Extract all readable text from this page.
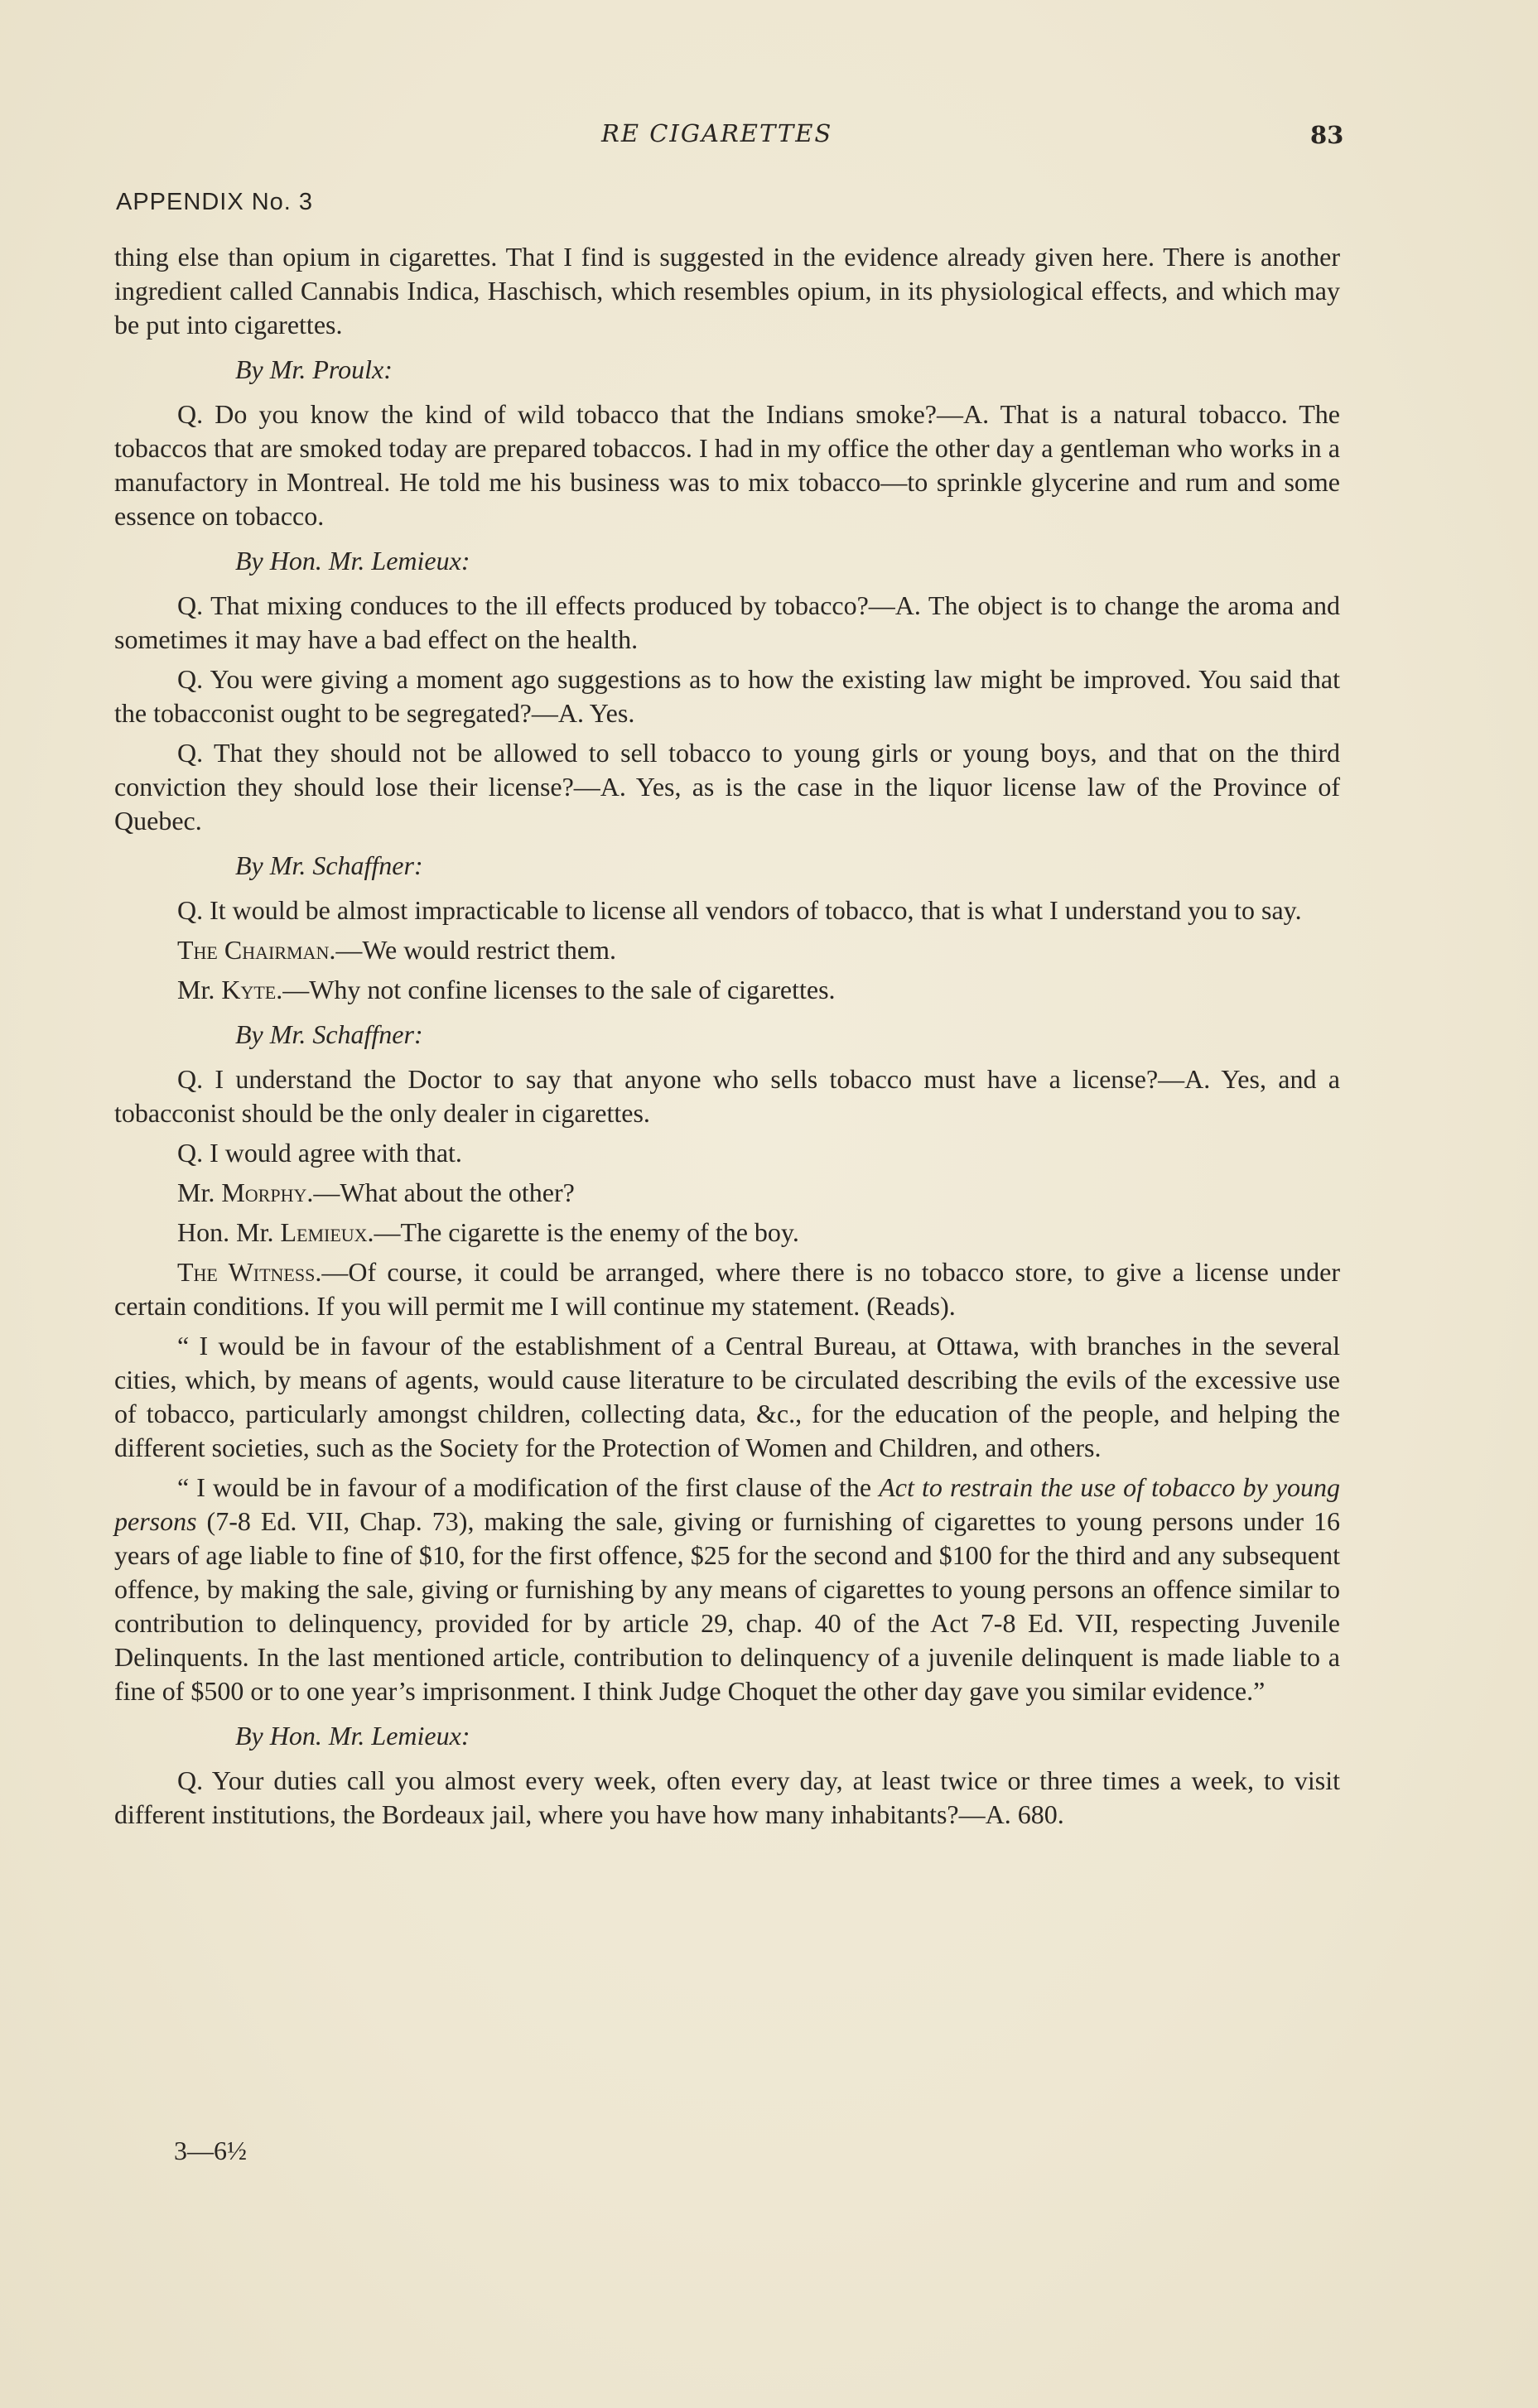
RE CIGARETTES	83
APPENDIX No. 3

thing else than opium in cigarettes. That I find is suggested in the evidence already given here. There is another ingredient called Cannabis Indica, Haschisch, which resembles opium, in its physiological effects, and which may be put into cigarettes.

By Mr. Proulx:

Q. Do you know the kind of wild tobacco that the Indians smoke?—A. That is a natural tobacco. The tobaccos that are smoked today are prepared tobaccos. I had in my office the other day a gentleman who works in a manufactory in Montreal. He told me his business was to mix tobacco—to sprinkle glycerine and rum and some essence on tobacco.

By Hon. Mr. Lemieux:

Q. That mixing conduces to the ill effects produced by tobacco?—A. The object is to change the aroma and sometimes it may have a bad effect on the health.

Q. You were giving a moment ago suggestions as to how the existing law might be improved. You said that the tobacconist ought to be segregated?—A. Yes.

Q. That they should not be allowed to sell tobacco to young girls or young boys, and that on the third conviction they should lose their license?—A. Yes, as is the case in the liquor license law of the Province of Quebec.

By Mr. Schaffner:

Q. It would be almost impracticable to license all vendors of tobacco, that is what I understand you to say.

The Chairman.—We would restrict them.

Mr. Kyte.—Why not confine licenses to the sale of cigarettes.

By Mr. Schaffner:

Q. I understand the Doctor to say that anyone who sells tobacco must have a license?—A. Yes, and a tobacconist should be the only dealer in cigarettes.

Q. I would agree with that.

Mr. Morphy.—What about the other?

Hon. Mr. Lemieux.—The cigarette is the enemy of the boy.

The Witness.—Of course, it could be arranged, where there is no tobacco store, to give a license under certain conditions. If you will permit me I will continue my statement. (Reads).

“ I would be in favour of the establishment of a Central Bureau, at Ottawa, with branches in the several cities, which, by means of agents, would cause literature to be circulated describing the evils of the excessive use of tobacco, particularly amongst children, collecting data, &c., for the education of the people, and helping the different societies, such as the Society for the Protection of Women and Children, and others.

“ I would be in favour of a modification of the first clause of the Act to restrain the use of tobacco by young persons (7-8 Ed. VII, Chap. 73), making the sale, giving or furnishing of cigarettes to young persons under 16 years of age liable to fine of $10, for the first offence, $25 for the second and $100 for the third and any subsequent offence, by making the sale, giving or furnishing by any means of cigarettes to young persons an offence similar to contribution to delinquency, provided for by article 29, chap. 40 of the Act 7-8 Ed. VII, respecting Juvenile Delinquents. In the last mentioned article, contribution to delinquency of a juvenile delinquent is made liable to a fine of $500 or to one year’s imprisonment. I think Judge Choquet the other day gave you similar evidence.”

By Hon. Mr. Lemieux:

Q. Your duties call you almost every week, often every day, at least twice or three times a week, to visit different institutions, the Bordeaux jail, where you have how many inhabitants?—A. 680.

3—6½
